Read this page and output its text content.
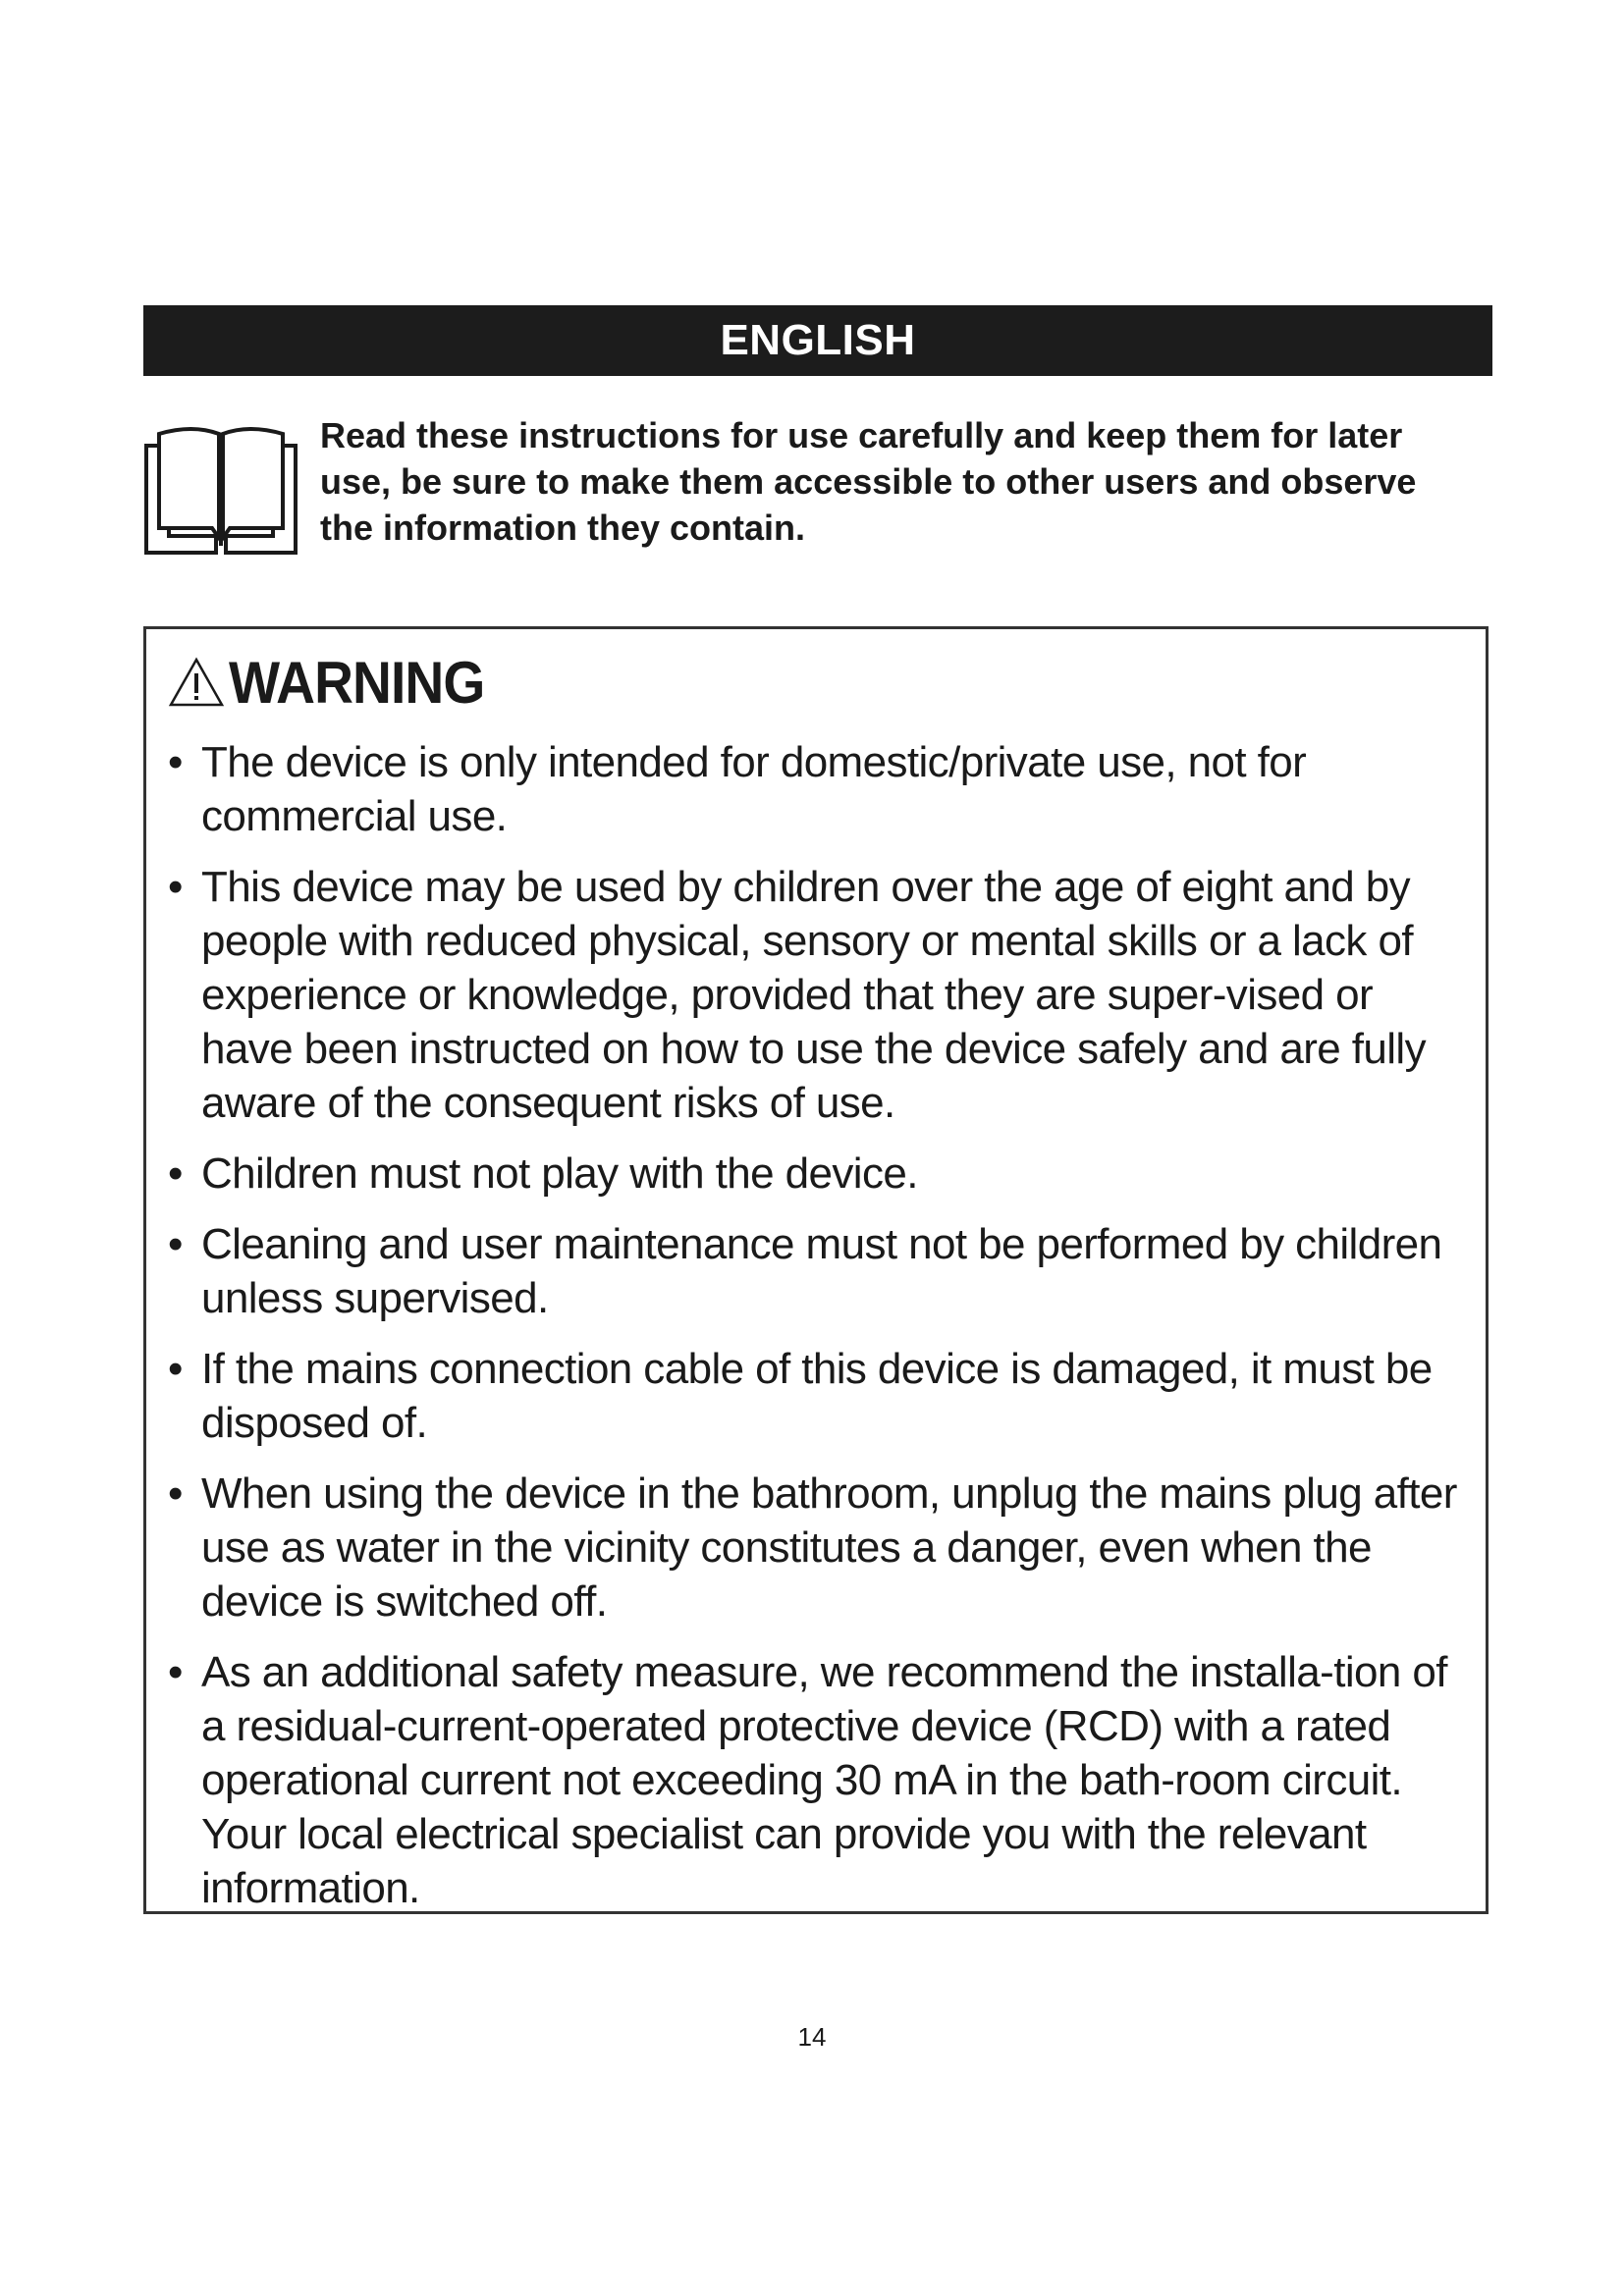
ENGLISH
Read these instructions for use carefully and keep them for later
use, be sure to make them accessible to other users and observe
the information they contain.
WARNING
• The device is only intended for domestic/private use, not for commercial use.
• This device may be used by children over the age of eight and by people with reduced physical, sensory or mental skills or a lack of experience or knowledge, provided that they are super-vised or have been instructed on how to use the device safely and are fully aware of the consequent risks of use.
• Children must not play with the device.
• Cleaning and user maintenance must not be performed by children unless supervised.
• If the mains connection cable of this device is damaged, it must be disposed of.
• When using the device in the bathroom, unplug the mains plug after use as water in the vicinity constitutes a danger, even when the device is switched off.
• As an additional safety measure, we recommend the installa-tion of a residual-current-operated protective device (RCD) with a rated operational current not exceeding 30 mA in the bath-room circuit. Your local electrical specialist can provide you with the relevant information.
14
